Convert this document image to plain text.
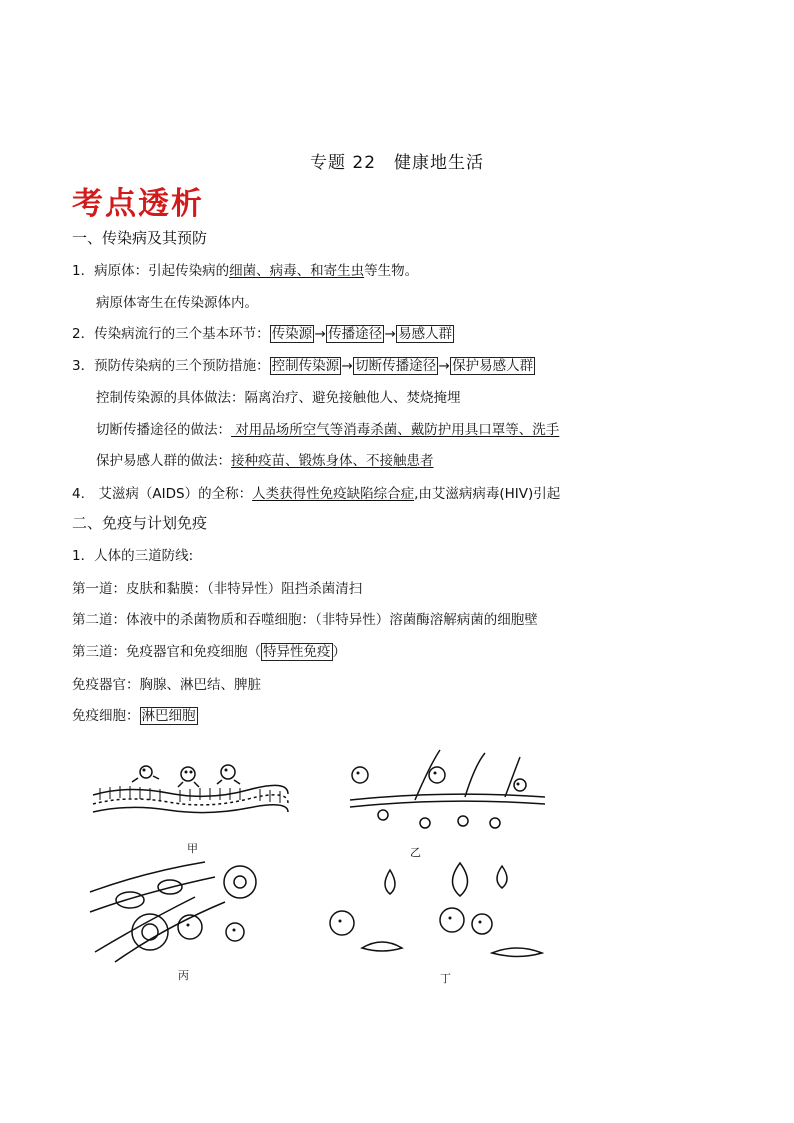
专题 22　健康地生活
考点透析
一、传染病及其预防
1．病原体：引起传染病的细菌、病毒、和寄生虫等生物。
病原体寄生在传染源体内。
2．传染病流行的三个基本环节： 传染源 → 传播途径 → 易感人群
3．预防传染病的三个预防措施： 控制传染源 → 切断传播途径 → 保护易感人群
控制传染源的具体做法：隔离治疗、避免接触他人、焚烧掩埋
切断传播途径的做法： 对用品场所空气等消毒杀菌、戴防护用具口罩等、洗手
保护易感人群的做法：接种疫苗、锻炼身体、不接触患者
4.　艾滋病（AIDS）的全称：人类获得性免疫缺陷综合症,由艾滋病病毒(HIV)引起
二、免疫与计划免疫
1．人体的三道防线:
第一道：皮肤和黏膜：（非特异性）阻挡杀菌清扫
第二道：体液中的杀菌物质和吞噬细胞：（非特异性）溶菌酶溶解病菌的细胞壁
第三道：免疫器官和免疫细胞（ 特异性免疫 ）
免疫器官：胸腺、淋巴结、脾脏
免疫细胞： 淋巴细胞
甲	乙
丙	丁
